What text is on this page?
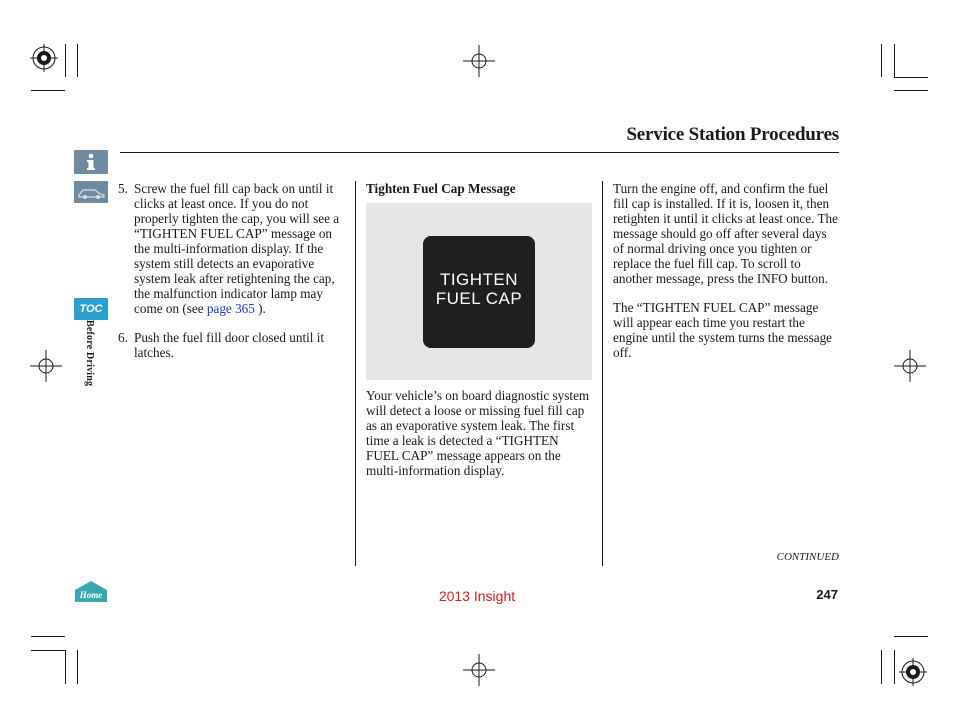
Service Station Procedures
TOC
Before Driving
Home
5. Screw the fuel fill cap back on until it clicks at least once. If you do not properly tighten the cap, you will see a “TIGHTEN FUEL CAP” message on the multi-information display. If the system still detects an evaporative system leak after retightening the cap, the malfunction indicator lamp may come on (see page 365 ).
6. Push the fuel fill door closed until it latches.
Tighten Fuel Cap Message
TIGHTEN
FUEL CAP
Your vehicle’s on board diagnostic system will detect a loose or missing fuel fill cap as an evaporative system leak. The first time a leak is detected a “TIGHTEN FUEL CAP” message appears on the multi-information display.

Turn the engine off, and confirm the fuel fill cap is installed. If it is, loosen it, then retighten it until it clicks at least once. The message should go off after several days of normal driving once you tighten or replace the fuel fill cap. To scroll to another message, press the INFO button.

The “TIGHTEN FUEL CAP” message will appear each time you restart the engine until the system turns the message off.

CONTINUED
2013 Insight	247
